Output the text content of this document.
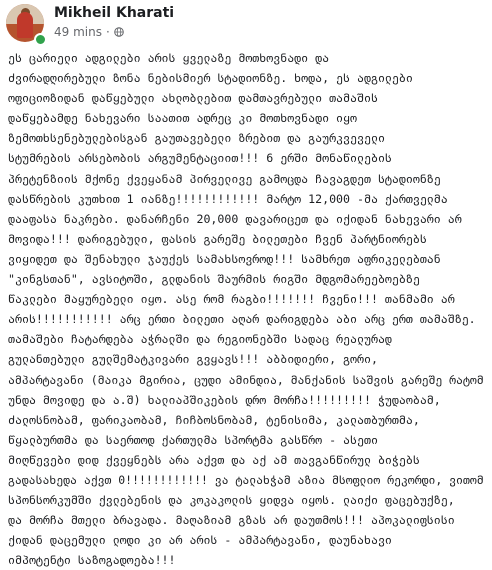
Mikheil Kharati
49 mins ·
ეს ცარიელი ადგილები არის ყველაზე მოთხოვნადი და
ძვირადღირებული ზონა ნებისმიერ სტადიონზე. ხოდა, ეს ადგილები
ოფიციოზიდან დაწყებული ახლობლებით დამთავრებული თამაშის
დაწყებამდე ნახევარი საათით ადრეც კი მოთხოვნადი იყო
ზემოთხსენებულებისგან გაუთავებელი ზრებით და გაურკვეველი
სტუმრების არსებობის არგუმენტაციით!!! 6 ერში მონაწილების
პრეტენზიის მქონე ქვეყანამ პირველივე გამოცდა ჩავაგდეთ სტადიონზე
დასწრების კუთხით 1 იანზე!!!!!!!!!!!! მარტო 12,000 -მა ქართველმა
დააფასა ნაკრები. დანარჩენი 20,000 დავარიცეთ და იქიდან ნახევარი არ
მოვიდა!!! დარიგებული, ფასის გარეშე ბილეთები ჩვენ პარტნიორებს
ვიყიდეთ და შენახული ჯაუქეს სამახსოვროდ!!! სამხრეთ აფრიკელებთან
"კინგსთან", ავსიტოში, გლდანის შაურმის რიგში მდგომარეებოებზე
წაკლები მაყურებელი იყო. ასე რომ რაგბი!!!!!!! ჩვენი!!! თანმამი არ
არის!!!!!!!!!!! არც ერთი ბილეთი აღარ დარიგდება აბი არც ერთ თამაშზე.
თამაშები ჩატარდება აჭრალში და რეგიონებში სადაც რეალურად
გულანთებული გულშემატკივარი გვყავს!!! აბბიდიერი, გორი,
ამპარტავანი (მაიკა მგირია, ცუდი ამინდია, მანქანის საშვის გარეშე რატომ
უნდა მოვიდე და ა.შ) ხალიაპშიკების დრო მორჩა!!!!!!!!! ჭუდაობამ,
ძალოსნობამ, ფარიკაობამ, ჩიჩბოსნობამ, ტენისიმა, კალათბურთმა,
წყალბურთმა და საერთოდ ქართულმა სპორტმა გასწრო - ასეთი
მიღწევები დიდ ქვეყნებს არა აქვთ და აქ ამ თავგანწირულ ბიჭებს
გადასახედა აქვთ 0!!!!!!!!!!!! ვა ტალახჭამ აზია მსოფლიო რეკორდი, ვითომ
სპონსორკუმში ქვლებენის და კოკაკოლის ყიდვა იყოს. ლაიქი ფაცებუქზე,
და მორჩა მთელი ბრავადა. მაღაზიამ გზას არ დაუთმოს!!! აპოკალიფსისი
ქიდან დაცემული ლოდი კი არ არის - ამპარტავანი, დაუნახავი
იმპოტენტი საზოგადოება!!!
